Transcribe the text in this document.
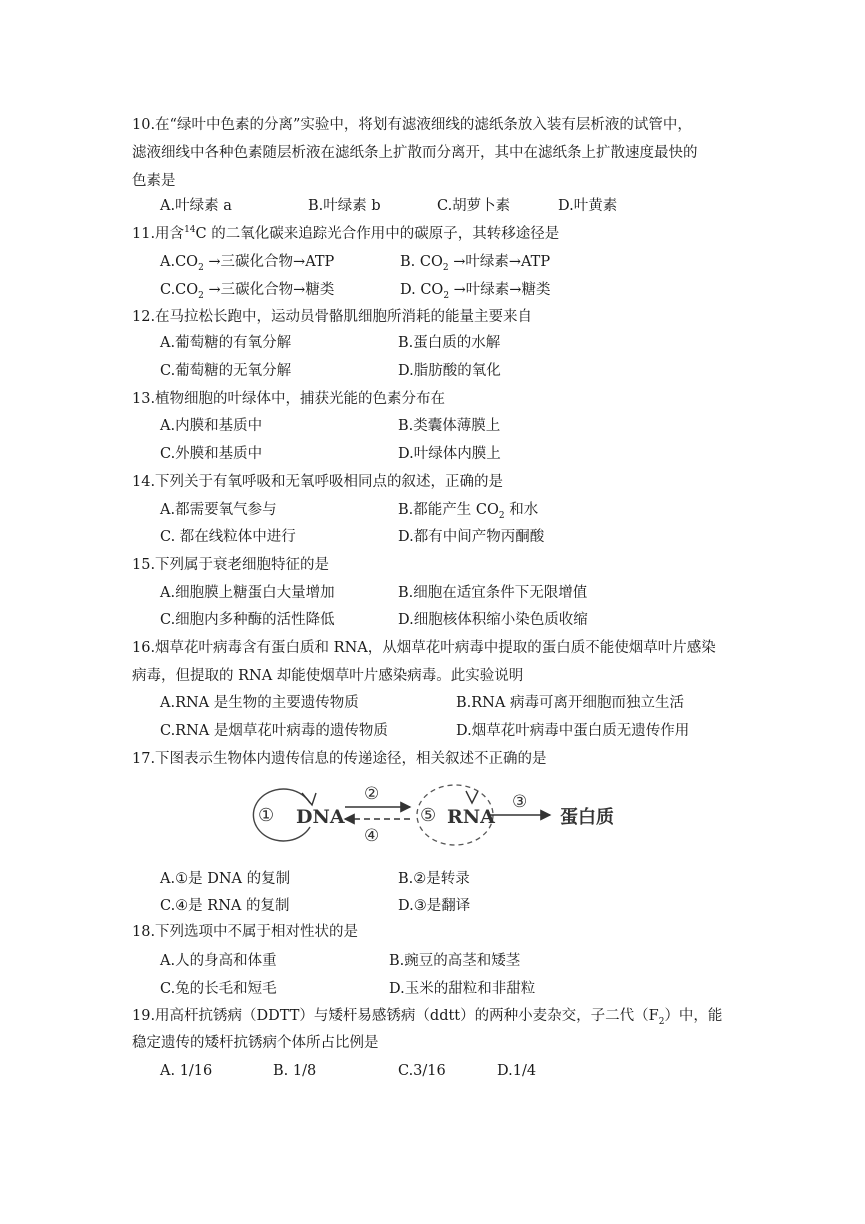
10.在“绿叶中色素的分离”实验中，将划有滤液细线的滤纸条放入装有层析液的试管中，
滤液细线中各种色素随层析液在滤纸条上扩散而分离开，其中在滤纸条上扩散速度最快的
色素是
A.叶绿素 a	B.叶绿素 b	C.胡萝卜素	D.叶黄素
11.用含$^{14}$C 的二氧化碳来追踪光合作用中的碳原子，其转移途径是
$A.CO_2$ →三碳化合物→ATP	B. $CO_2$ →叶绿素→ATP
$C.CO_2$ →三碳化合物→糖类	D. $CO_2$ →叶绿素→糖类
12.在马拉松长跑中，运动员骨骼肌细胞所消耗的能量主要来自
A.葡萄糖的有氧分解	B.蛋白质的水解
C.葡萄糖的无氧分解	D.脂肪酸的氧化
13.植物细胞的叶绿体中，捕获光能的色素分布在
A.内膜和基质中	B.类囊体薄膜上
C.外膜和基质中	D.叶绿体内膜上
14.下列关于有氧呼吸和无氧呼吸相同点的叙述，正确的是
A.都需要氧气参与	B.都能产生 $CO_2$ 和水
C. 都在线粒体中进行	D.都有中间产物丙酮酸
15.下列属于衰老细胞特征的是
A.细胞膜上糖蛋白大量增加	B.细胞在适宜条件下无限增值
C.细胞内多种酶的活性降低	D.细胞核体积缩小染色质收缩
16.烟草花叶病毒含有蛋白质和 RNA，从烟草花叶病毒中提取的蛋白质不能使烟草叶片感染
病毒，但提取的 RNA 却能使烟草叶片感染病毒。此实验说明
A.RNA 是生物的主要遗传物质	B.RNA 病毒可离开细胞而独立生活
C.RNA 是烟草花叶病毒的遗传物质	D.烟草花叶病毒中蛋白质无遗传作用
17.下图表示生物体内遗传信息的传递途径，相关叙述不正确的是
① DNA
②
④
⑤ RNA
③
蛋白质
A.①是 DNA 的复制	B.②是转录
C.④是 RNA 的复制	D.③是翻译
18.下列选项中不属于相对性状的是
A.人的身高和体重	B.豌豆的高茎和矮茎
C.兔的长毛和短毛	D.玉米的甜粒和非甜粒
19.用高杆抗锈病（DDTT）与矮杆易感锈病（ddtt）的两种小麦杂交，子二代$(F_2)$中，能
稳定遗传的矮杆抗锈病个体所占比例是
A. 1/16	B. 1/8	C.3/16	D.1/4
